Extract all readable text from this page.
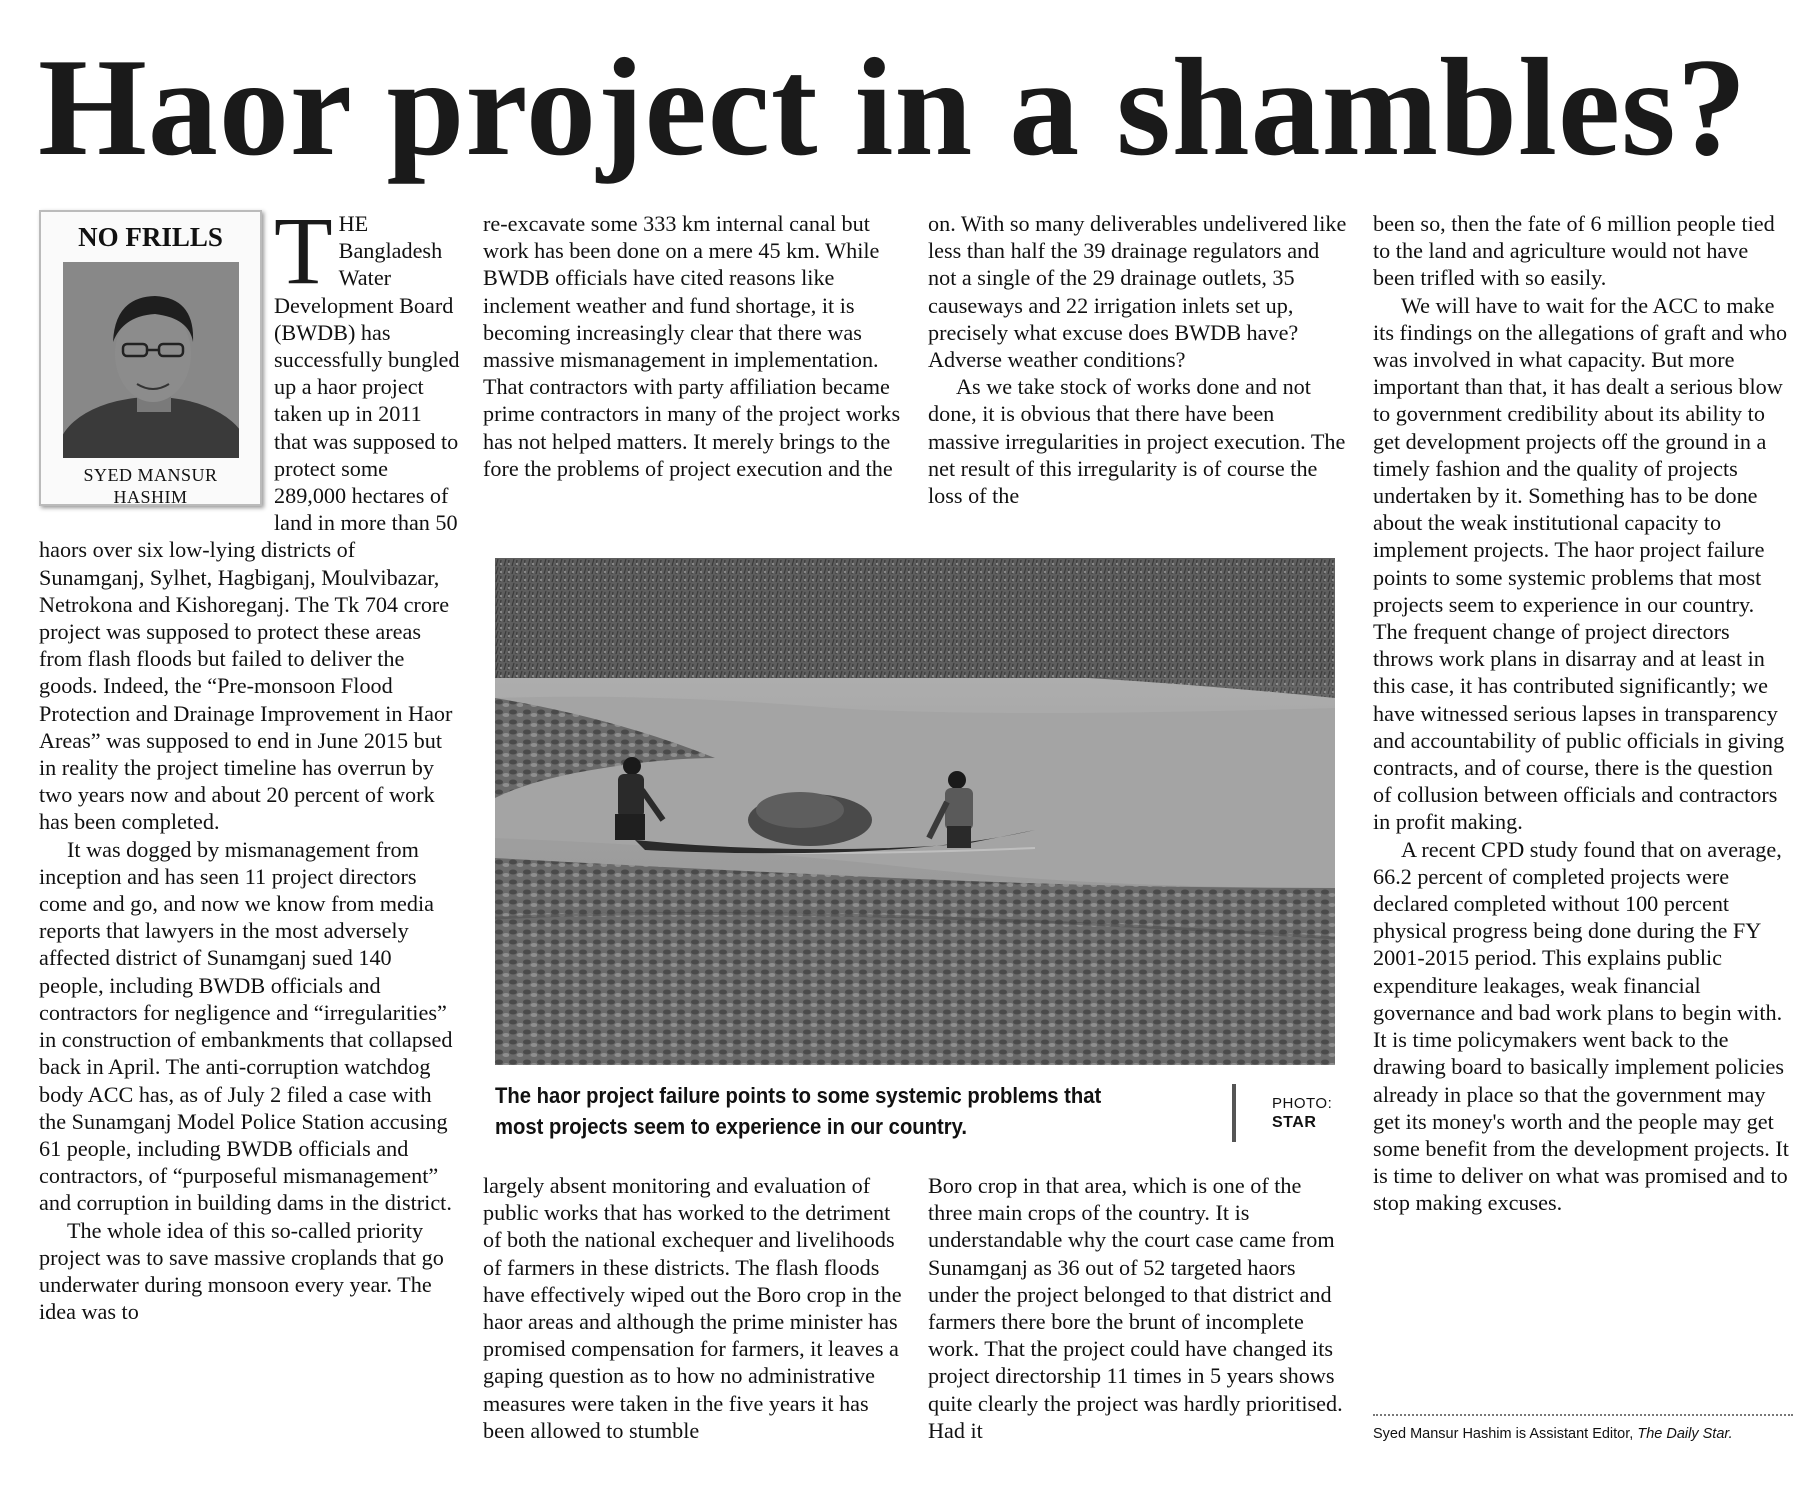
Haor project in a shambles?
NO FRILLS
SYED MANSUR
HASHIM
T HE Bangladesh Water Development Board (BWDB) has successfully bungled up a haor project taken up in 2011 that was supposed to protect some 289,000 hectares of land in more than 50 haors over six low-lying districts of Sunamganj, Sylhet, Hagbiganj, Moulvibazar, Netrokona and Kishoreganj. The Tk 704 crore project was supposed to protect these areas from flash floods but failed to deliver the goods. Indeed, the “Pre-monsoon Flood Protection and Drainage Improvement in Haor Areas” was supposed to end in June 2015 but in reality the project timeline has overrun by two years now and about 20 percent of work has been completed.

It was dogged by mismanagement from inception and has seen 11 project directors come and go, and now we know from media reports that lawyers in the most adversely affected district of Sunamganj sued 140 people, including BWDB officials and contractors for negligence and “irregularities” in construction of embankments that collapsed back in April. The anti-corruption watchdog body ACC has, as of July 2 filed a case with the Sunamganj Model Police Station accusing 61 people, including BWDB officials and contractors, of “purposeful mismanagement” and corruption in building dams in the district.

The whole idea of this so-called priority project was to save massive croplands that go underwater during monsoon every year. The idea was to

re-excavate some 333 km internal canal but work has been done on a mere 45 km. While BWDB officials have cited reasons like inclement weather and fund shortage, it is becoming increasingly clear that there was massive mismanagement in implementation. That contractors with party affiliation became prime contractors in many of the project works has not helped matters. It merely brings to the fore the problems of project execution and the

on. With so many deliverables undelivered like less than half the 39 drainage regulators and not a single of the 29 drainage outlets, 35 causeways and 22 irrigation inlets set up, precisely what excuse does BWDB have? Adverse weather conditions?

As we take stock of works done and not done, it is obvious that there have been massive irregularities in project execution. The net result of this irregularity is of course the loss of the

The haor project failure points to some systemic problems that most projects seem to experience in our country.
PHOTO:
STAR

largely absent monitoring and evaluation of public works that has worked to the detriment of both the national exchequer and livelihoods of farmers in these districts. The flash floods have effectively wiped out the Boro crop in the haor areas and although the prime minister has promised compensation for farmers, it leaves a gaping question as to how no administrative measures were taken in the five years it has been allowed to stumble

Boro crop in that area, which is one of the three main crops of the country. It is understandable why the court case came from Sunamganj as 36 out of 52 targeted haors under the project belonged to that district and farmers there bore the brunt of incomplete work. That the project could have changed its project directorship 11 times in 5 years shows quite clearly the project was hardly prioritised. Had it

been so, then the fate of 6 million people tied to the land and agriculture would not have been trifled with so easily.

We will have to wait for the ACC to make its findings on the allegations of graft and who was involved in what capacity. But more important than that, it has dealt a serious blow to government credibility about its ability to get development projects off the ground in a timely fashion and the quality of projects undertaken by it. Something has to be done about the weak institutional capacity to implement projects. The haor project failure points to some systemic problems that most projects seem to experience in our country. The frequent change of project directors throws work plans in disarray and at least in this case, it has contributed significantly; we have witnessed serious lapses in transparency and accountability of public officials in giving contracts, and of course, there is the question of collusion between officials and contractors in profit making.

A recent CPD study found that on average, 66.2 percent of completed projects were declared completed without 100 percent physical progress being done during the FY 2001-2015 period. This explains public expenditure leakages, weak financial governance and bad work plans to begin with. It is time policymakers went back to the drawing board to basically implement policies already in place so that the government may get its money's worth and the people may get some benefit from the development projects. It is time to deliver on what was promised and to stop making excuses.

Syed Mansur Hashim is Assistant Editor, The Daily Star.
